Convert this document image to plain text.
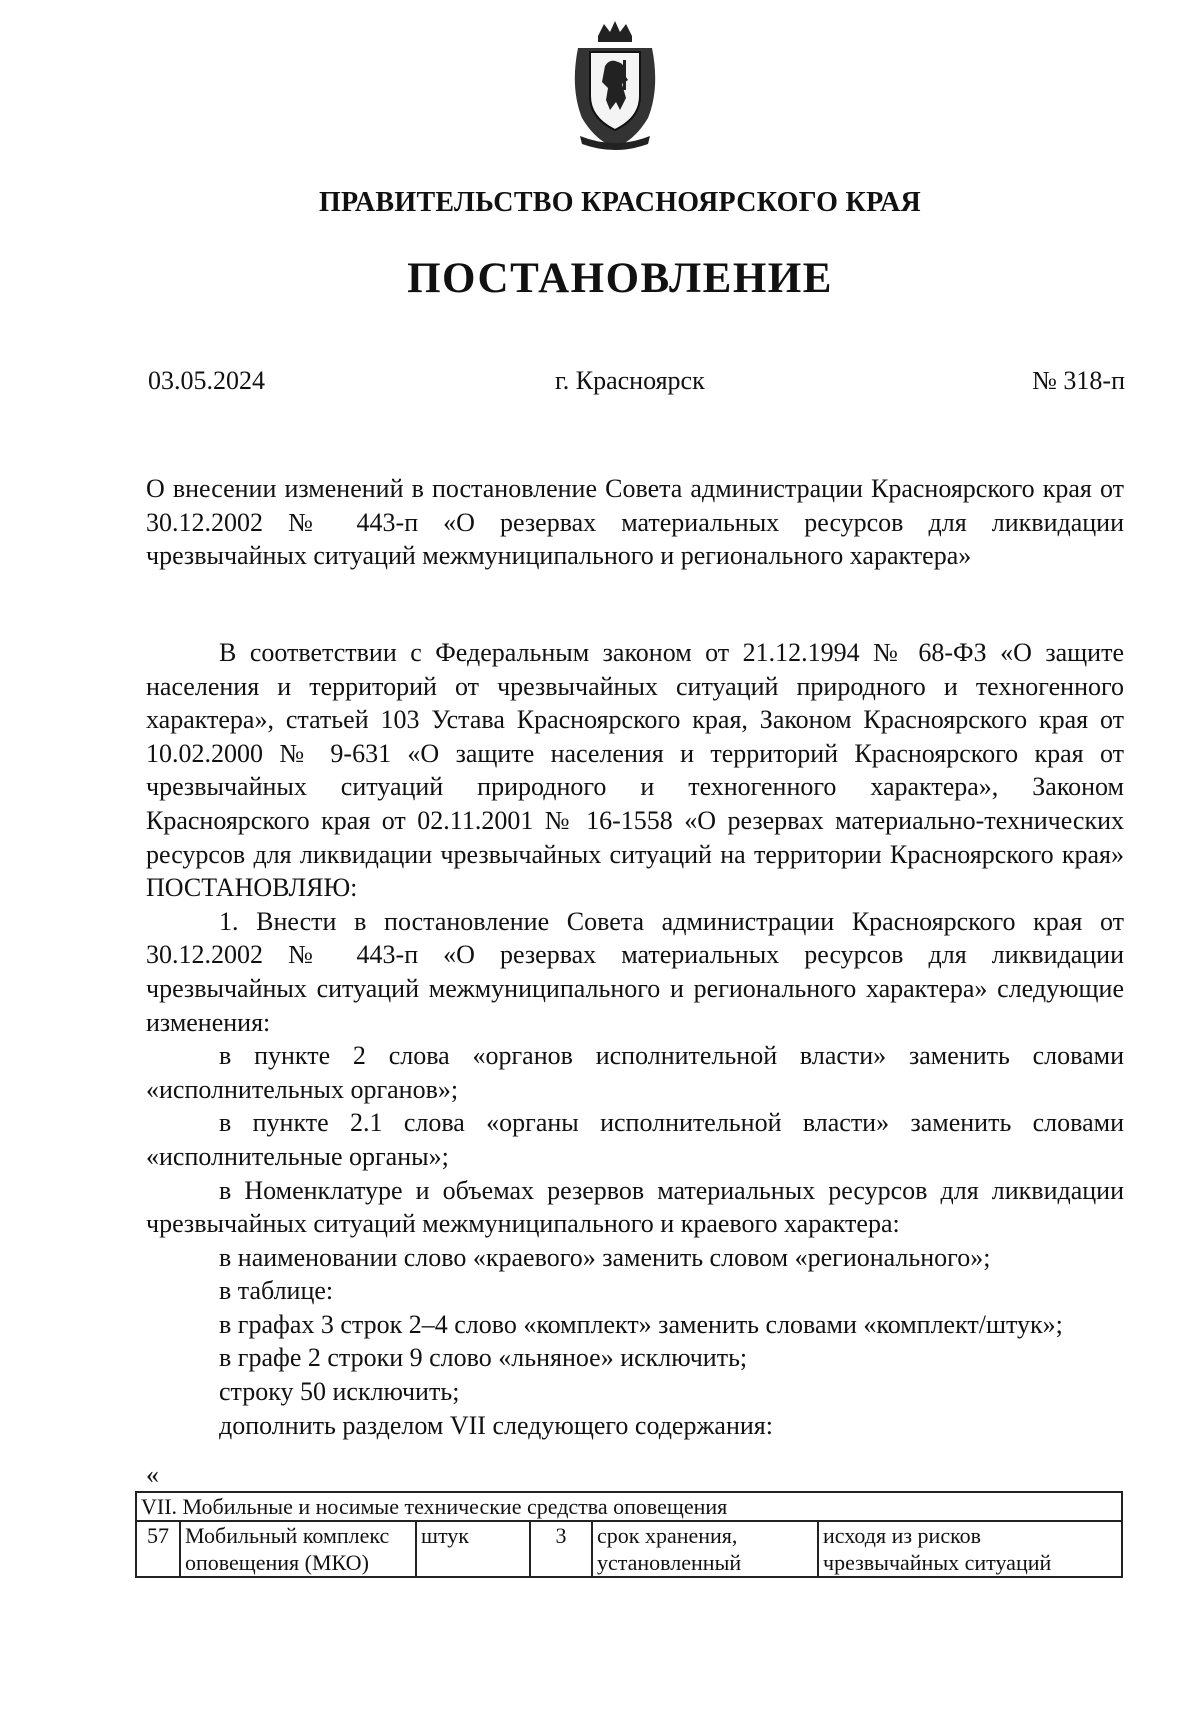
ПРАВИТЕЛЬСТВО КРАСНОЯРСКОГО КРАЯ
ПОСТАНОВЛЕНИЕ
03.05.2024	г. Красноярск	№ 318-п
О внесении изменений в постановление Совета администрации Красноярского края от 30.12.2002 № 443-п «О резервах материальных ресурсов для ликвидации чрезвычайных ситуаций межмуниципального и регионального характера»

В соответствии с Федеральным законом от 21.12.1994 № 68-ФЗ «О защите населения и территорий от чрезвычайных ситуаций природного и техногенного характера», статьей 103 Устава Красноярского края, Законом Красноярского края от 10.02.2000 № 9-631 «О защите населения и территорий Красноярского края от чрезвычайных ситуаций природного и техногенного характера», Законом Красноярского края от 02.11.2001 № 16-1558 «О резервах материально-технических ресурсов для ликвидации чрезвычайных ситуаций на территории Красноярского края» ПОСТАНОВЛЯЮ:

1. Внести в постановление Совета администрации Красноярского края от 30.12.2002 № 443-п «О резервах материальных ресурсов для ликвидации чрезвычайных ситуаций межмуниципального и регионального характера» следующие изменения:

в пункте 2 слова «органов исполнительной власти» заменить словами «исполнительных органов»;

в пункте 2.1 слова «органы исполнительной власти» заменить словами «исполнительные органы»;

в Номенклатуре и объемах резервов материальных ресурсов для ликвидации чрезвычайных ситуаций межмуниципального и краевого характера:

в наименовании слово «краевого» заменить словом «регионального»;

в таблице:

в графах 3 строк 2–4 слово «комплект» заменить словами «комплект/штук»;

в графе 2 строки 9 слово «льняное» исключить;

строку 50 исключить;

дополнить разделом VII следующего содержания:

«
VII. Мобильные и носимые технические средства оповещения
57	Мобильный комплекс оповещения (МКО)	штук	3	срок хранения, установленный	исходя из рисков чрезвычайных ситуаций
